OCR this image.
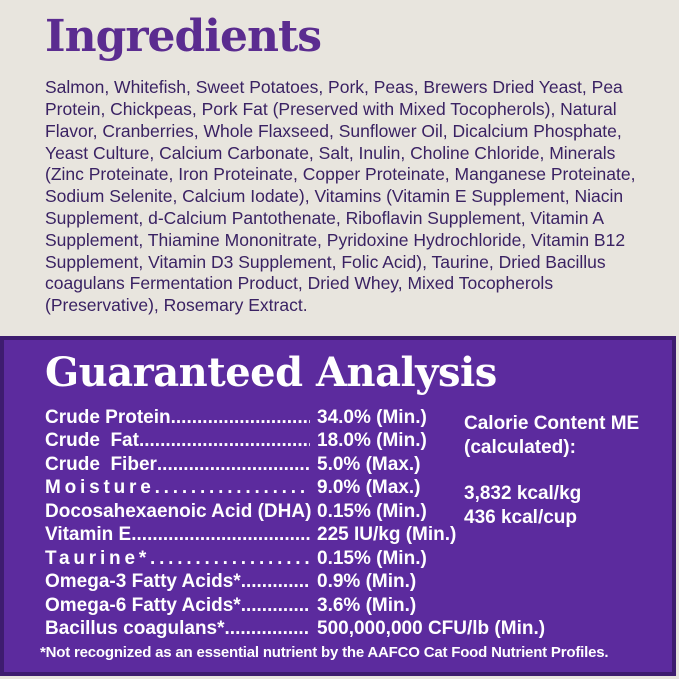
Ingredients

Salmon, Whitefish, Sweet Potatoes, Pork, Peas, Brewers Dried Yeast, Pea Protein, Chickpeas, Pork Fat (Preserved with Mixed Tocopherols), Natural Flavor, Cranberries, Whole Flaxseed, Sunflower Oil, Dicalcium Phosphate, Yeast Culture, Calcium Carbonate, Salt, Inulin, Choline Chloride, Minerals (Zinc Proteinate, Iron Proteinate, Copper Proteinate, Manganese Proteinate, Sodium Selenite, Calcium Iodate), Vitamins (Vitamin E Supplement, Niacin Supplement, d-Calcium Pantothenate, Riboflavin Supplement, Vitamin A Supplement, Thiamine Mononitrate, Pyridoxine Hydrochloride, Vitamin B12 Supplement, Vitamin D3 Supplement, Folic Acid), Taurine, Dried Bacillus coagulans Fermentation Product, Dried Whey, Mixed Tocopherols (Preservative), Rosemary Extract.

Guaranteed Analysis
Crude Protein .....	34.0% (Min.)
Crude  Fat .....	18.0% (Min.)
Crude  Fiber .....	5.0% (Max.)
Moisture .....	9.0% (Max.)
Docosahexaenoic Acid (DHA) 0.15% (Min.)
Vitamin E .....	225 IU/kg (Min.)
Taurine* .....	0.15% (Min.)
Omega-3 Fatty Acids* .....	0.9% (Min.)
Omega-6 Fatty Acids* .....	3.6% (Min.)
Bacillus coagulans* .....	500,000,000 CFU/lb (Min.)
Calorie Content ME
(calculated):
3,832 kcal/kg
436 kcal/cup
*Not recognized as an essential nutrient by the AAFCO Cat Food Nutrient Profiles.
